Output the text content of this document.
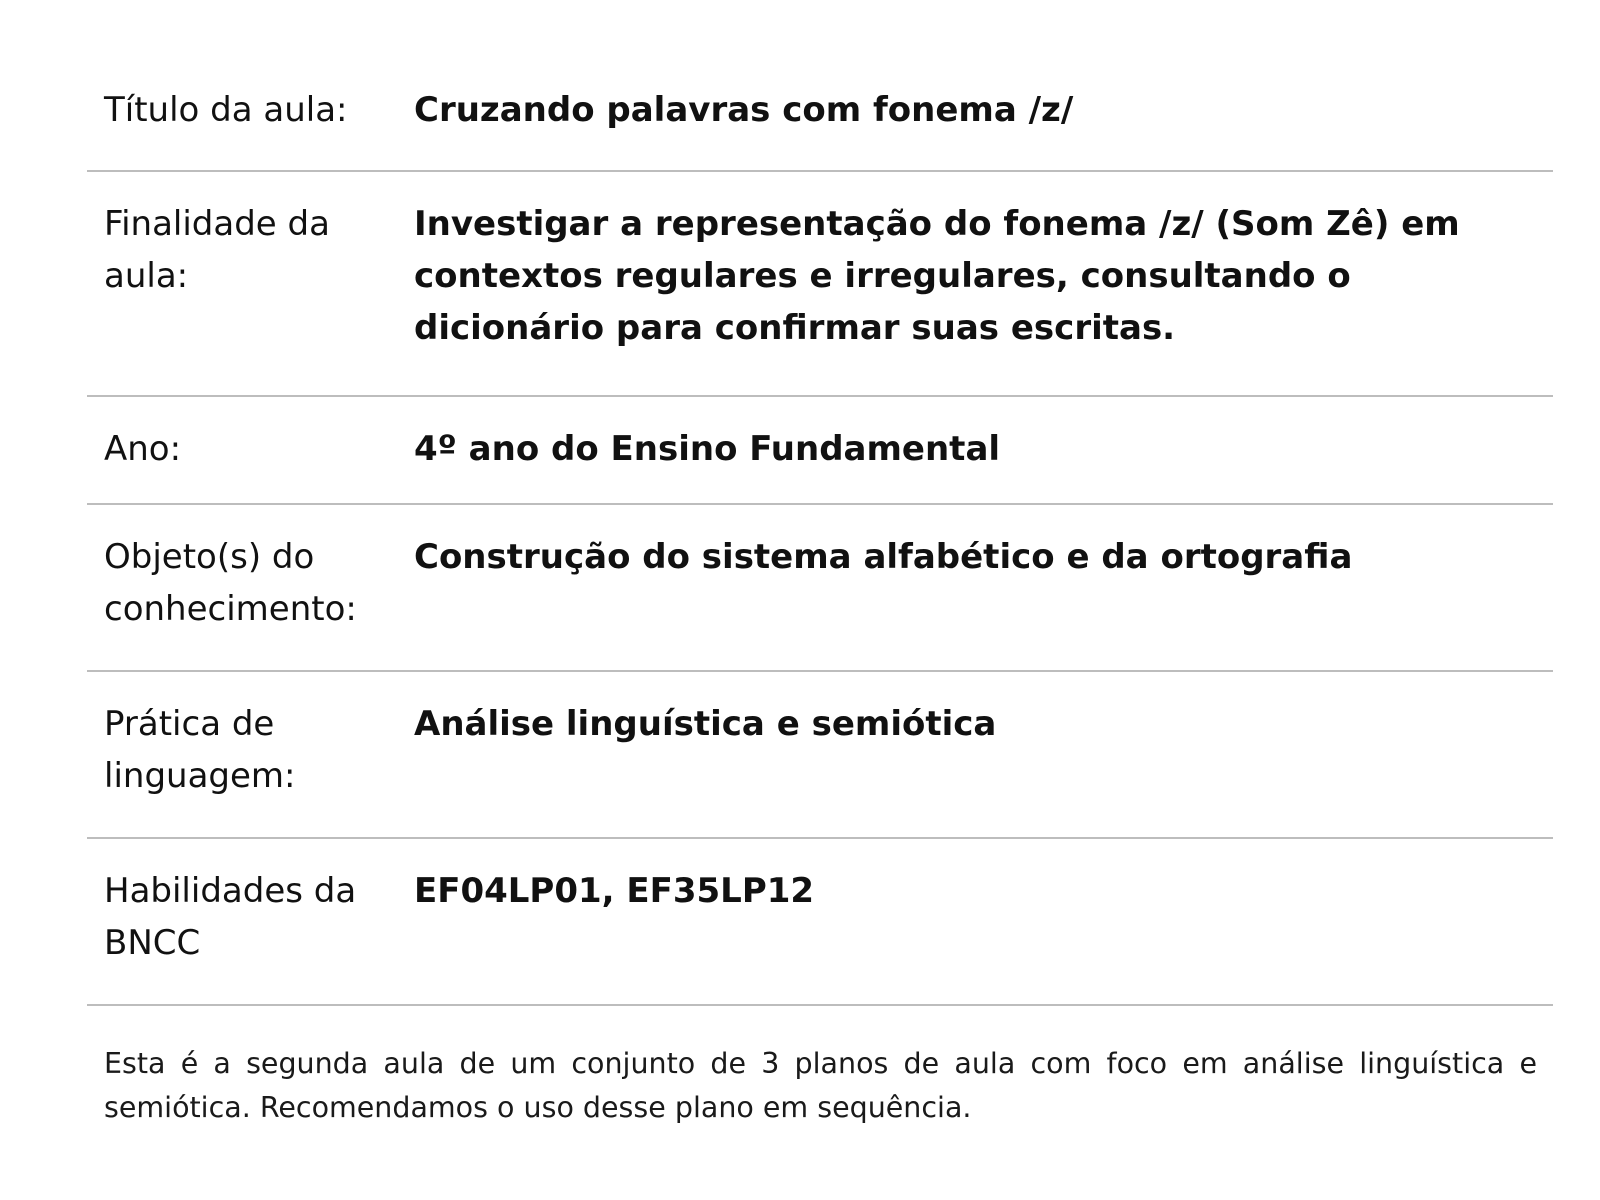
Título da aula:	Cruzando palavras com fonema /z/
Finalidade da aula:
Investigar a representação do fonema /z/ (Som Zê) em contextos regulares e irregulares, consultando o dicionário para confirmar suas escritas.
Ano:	4º ano do Ensino Fundamental
Objeto(s) do conhecimento:
Construção do sistema alfabético e da ortografia
Prática de linguagem:
Análise linguística e semiótica
Habilidades da BNCC
EF04LP01, EF35LP12

Esta é a segunda aula de um conjunto de 3 planos de aula com foco em análise linguística e semiótica. Recomendamos o uso desse plano em sequência.
